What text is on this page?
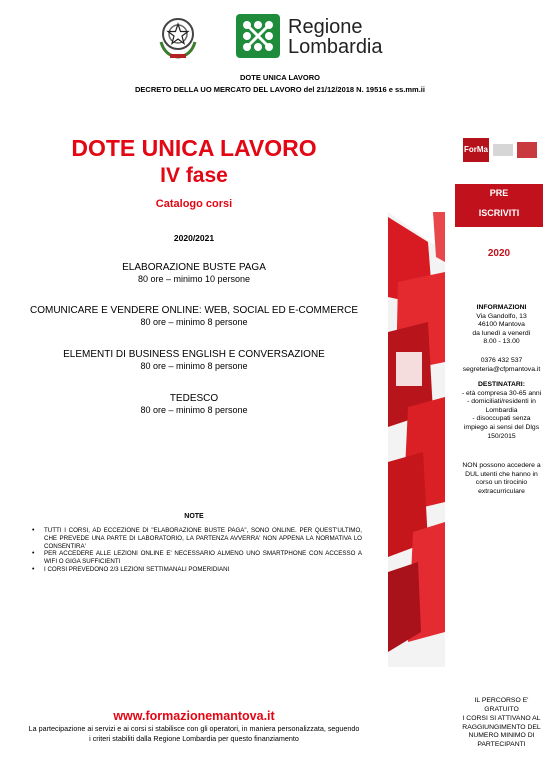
Regione
Lombardia
DOTE UNICA LAVORO
DECRETO DELLA UO MERCATO DEL LAVORO del 21/12/2018 N. 19516 e ss.mm.ii
DOTE UNICA LAVORO
IV fase
Catalogo corsi
2020/2021
ELABORAZIONE BUSTE PAGA
80 ore – minimo 10 persone
COMUNICARE E VENDERE ONLINE: WEB, SOCIAL ED E-COMMERCE
80 ore – minimo 8 persone
ELEMENTI DI BUSINESS ENGLISH E CONVERSAZIONE
80 ore – minimo 8 persone
TEDESCO
80 ore – minimo 8 persone
NOTE
• TUTTI I CORSI, AD ECCEZIONE DI "ELABORAZIONE BUSTE PAGA", SONO ONLINE. PER QUEST'ULTIMO, CHE PREVEDE UNA PARTE DI LABORATORIO, LA PARTENZA AVVERRA' NON APPENA LA NORMATIVA LO CONSENTIRA'
• PER ACCEDERE ALLE LEZIONI ONLINE E' NECESSARIO ALMENO UNO SMARTPHONE CON ACCESSO A WIFI O GIGA SUFFICIENTI
• I CORSI PREVEDONO 2/3 LEZIONI SETTIMANALI POMERIDIANI
www.formazionemantova.it
La partecipazione ai servizi e ai corsi si stabilisce con gli operatori, in maniera personalizzata, seguendo
i criteri stabiliti dalla Regione Lombardia per questo finanziamento
ForMa
PRE
ISCRIVITI
2020
INFORMAZIONI
Via Gandolfo, 13
46100 Mantova
da lunedì a venerdì
8.00 - 13.00
0376 432 537
segreteria@cfpmantova.it
DESTINATARI:
- età compresa 30-65 anni
- domiciliati/residenti in
Lombardia
- disoccupati senza
impiego ai sensi del Dlgs
150/2015
NON possono accedere a
DUL utenti che hanno in
corso un tirocinio
extracurriculare
IL PERCORSO E'
GRATUITO
I CORSI SI ATTIVANO AL
RAGGIUNGIMENTO DEL
NUMERO MINIMO DI
PARTECIPANTI
